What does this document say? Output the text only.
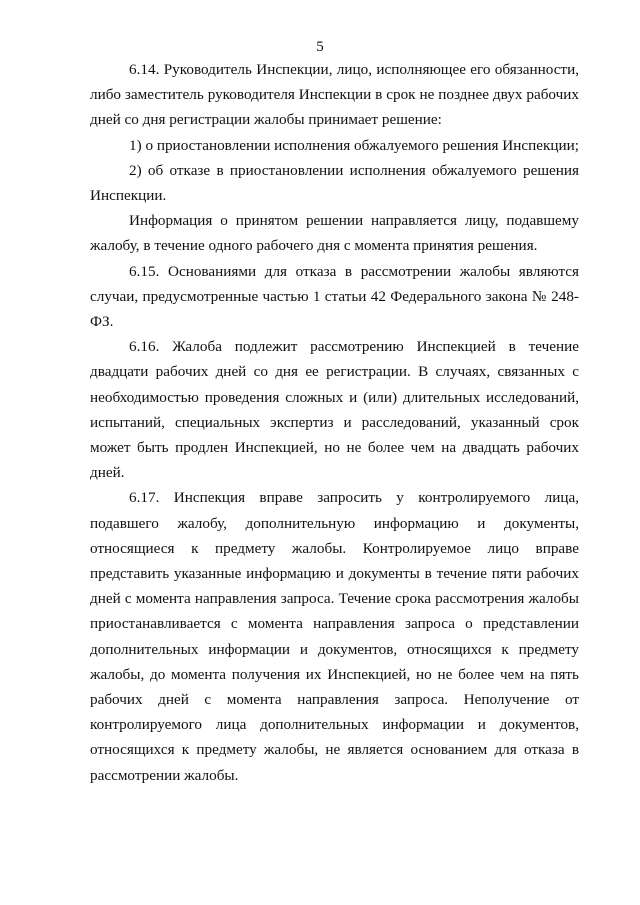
5

6.14. Руководитель Инспекции, лицо, исполняющее его обязанности, либо заместитель руководителя Инспекции в срок не позднее двух рабочих дней со дня регистрации жалобы принимает решение:

1) о приостановлении исполнения обжалуемого решения Инспекции;

2) об отказе в приостановлении исполнения обжалуемого решения Инспекции.

Информация о принятом решении направляется лицу, подавшему жалобу, в течение одного рабочего дня с момента принятия решения.

6.15. Основаниями для отказа в рассмотрении жалобы являются случаи, предусмотренные частью 1 статьи 42 Федерального закона № 248-ФЗ.

6.16. Жалоба подлежит рассмотрению Инспекцией в течение двадцати рабочих дней со дня ее регистрации. В случаях, связанных с необходимостью проведения сложных и (или) длительных исследований, испытаний, специальных экспертиз и расследований, указанный срок может быть продлен Инспекцией, но не более чем на двадцать рабочих дней.

6.17. Инспекция вправе запросить у контролируемого лица, подавшего жалобу, дополнительную информацию и документы, относящиеся к предмету жалобы. Контролируемое лицо вправе представить указанные информацию и документы в течение пяти рабочих дней с момента направления запроса. Течение срока рассмотрения жалобы приостанавливается с момента направления запроса о представлении дополнительных информации и документов, относящихся к предмету жалобы, до момента получения их Инспекцией, но не более чем на пять рабочих дней с момента направления запроса. Неполучение от контролируемого лица дополнительных информации и документов, относящихся к предмету жалобы, не является основанием для отказа в рассмотрении жалобы.
